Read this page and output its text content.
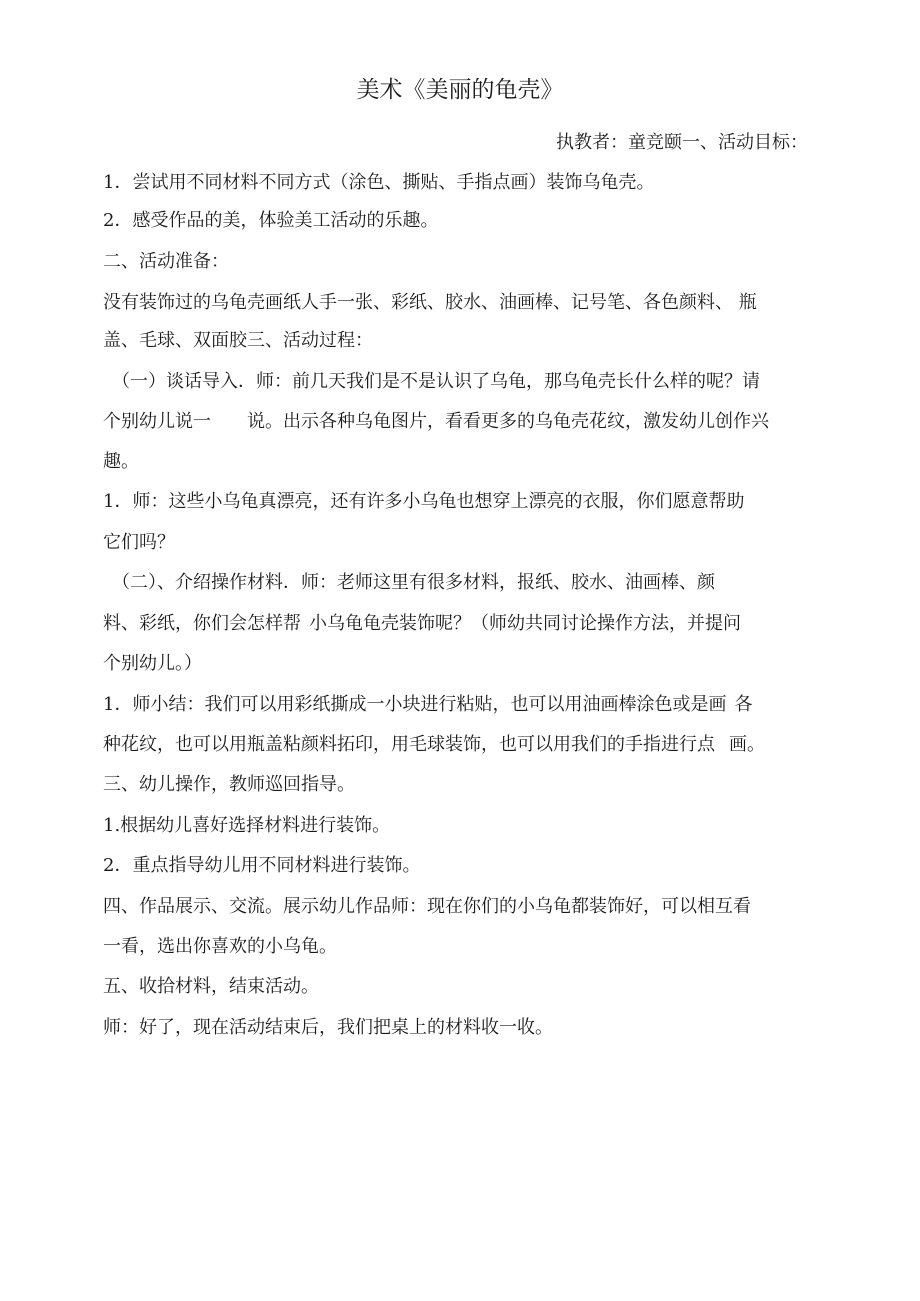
美术《美丽的龟壳》
执教者：童竞颐一、活动目标：
1．尝试用不同材料不同方式（涂色、撕贴、手指点画）装饰乌龟壳。
2．感受作品的美，体验美工活动的乐趣。
二、活动准备：
没有装饰过的乌龟壳画纸人手一张、彩纸、胶水、油画棒、记号笔、各色颜料、 瓶
盖、毛球、双面胶三、活动过程：
（一）谈话导入．师：前几天我们是不是认识了乌龟，那乌龟壳长什么样的呢？请
个别幼儿说一 说。出示各种乌龟图片，看看更多的乌龟壳花纹，激发幼儿创作兴
趣。
1．师：这些小乌龟真漂亮，还有许多小乌龟也想穿上漂亮的衣服，你们愿意帮助
它们吗？
（二）、介绍操作材料．师：老师这里有很多材料，报纸、胶水、油画棒、颜
料、彩纸，你们会怎样帮 小乌龟龟壳装饰呢？（师幼共同讨论操作方法，并提问
个别幼儿。）
1．师小结：我们可以用彩纸撕成一小块进行粘贴，也可以用油画棒涂色或是画 各
种花纹，也可以用瓶盖粘颜料拓印，用毛球装饰，也可以用我们的手指进行点 画。
三、幼儿操作，教师巡回指导。
1.根据幼儿喜好选择材料进行装饰。
2．重点指导幼儿用不同材料进行装饰。
四、作品展示、交流。展示幼儿作品师：现在你们的小乌龟都装饰好，可以相互看
一看，选出你喜欢的小乌龟。
五、收拾材料，结束活动。
师：好了，现在活动结束后，我们把桌上的材料收一收。
